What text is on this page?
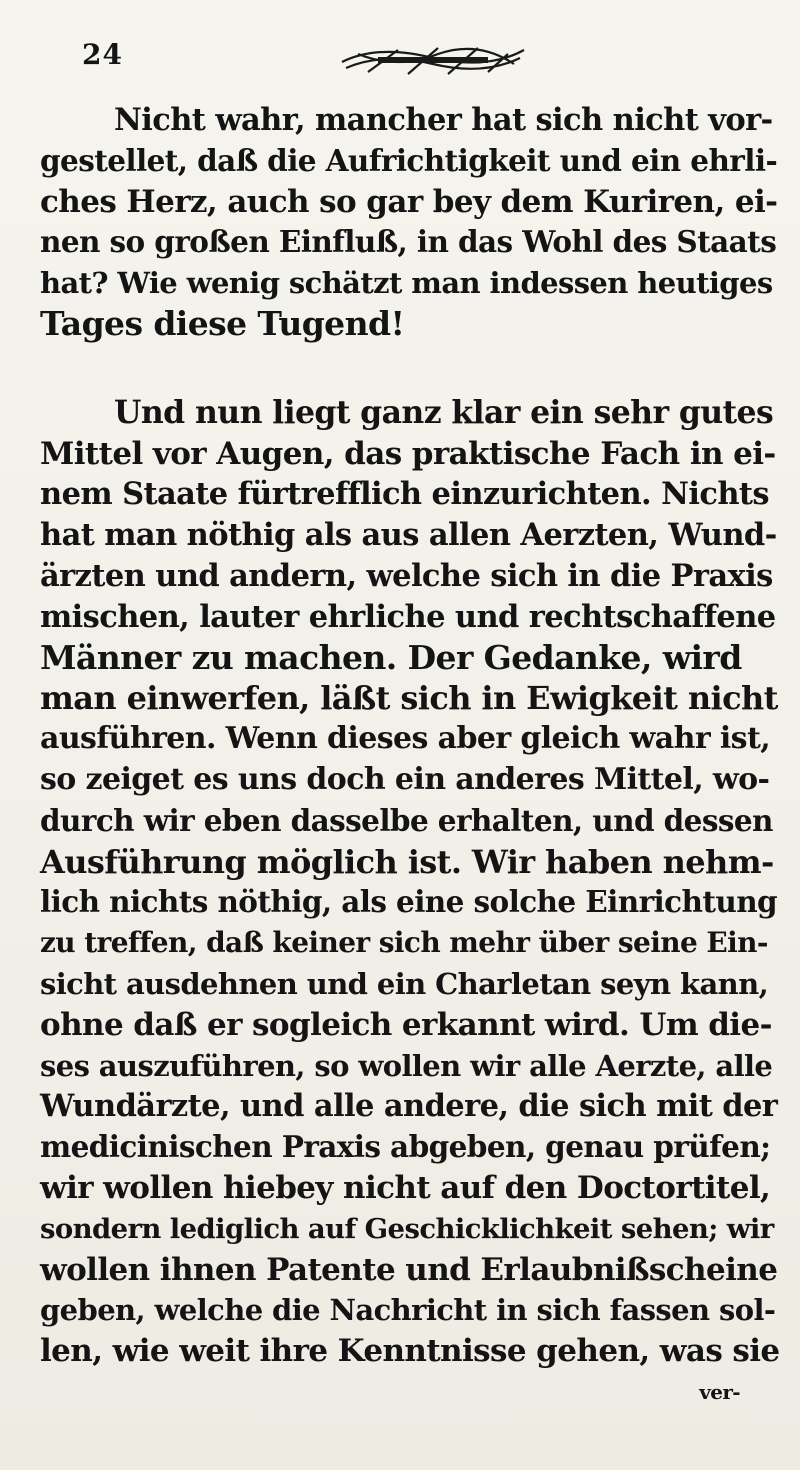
24
Nicht wahr, mancher hat sich nicht vor-
gestellet, daß die Aufrichtigkeit und ein ehrli-
ches Herz, auch so gar bey dem Kuriren, ei-
nen so großen Einfluß, in das Wohl des Staats
hat? Wie wenig schätzt man indessen heutiges
Tages diese Tugend!
Und nun liegt ganz klar ein sehr gutes
Mittel vor Augen, das praktische Fach in ei-
nem Staate fürtrefflich einzurichten. Nichts
hat man nöthig als aus allen Aerzten, Wund-
ärzten und andern, welche sich in die Praxis
mischen, lauter ehrliche und rechtschaffene
Männer zu machen. Der Gedanke, wird
man einwerfen, läßt sich in Ewigkeit nicht
ausführen. Wenn dieses aber gleich wahr ist,
so zeiget es uns doch ein anderes Mittel, wo-
durch wir eben dasselbe erhalten, und dessen
Ausführung möglich ist. Wir haben nehm-
lich nichts nöthig, als eine solche Einrichtung
zu treffen, daß keiner sich mehr über seine Ein-
sicht ausdehnen und ein Charletan seyn kann,
ohne daß er sogleich erkannt wird. Um die-
ses auszuführen, so wollen wir alle Aerzte, alle
Wundärzte, und alle andere, die sich mit der
medicinischen Praxis abgeben, genau prüfen;
wir wollen hiebey nicht auf den Doctortitel,
sondern lediglich auf Geschicklichkeit sehen; wir
wollen ihnen Patente und Erlaubnißscheine
geben, welche die Nachricht in sich fassen sol-
len, wie weit ihre Kenntnisse gehen, was sie
ver-
